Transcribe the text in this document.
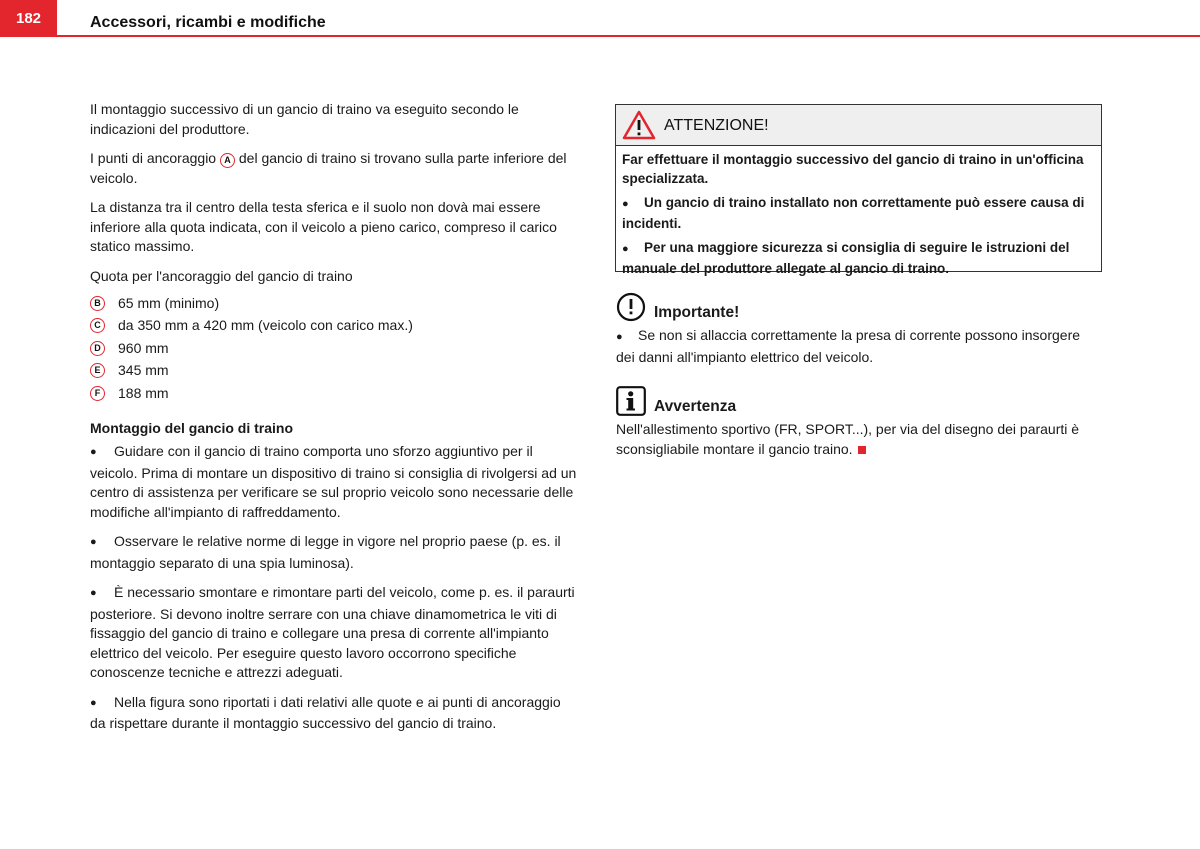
182	Accessori, ricambi e modifiche

Il montaggio successivo di un gancio di traino va eseguito secondo le indicazioni del produttore.

I punti di ancoraggio A del gancio di traino si trovano sulla parte inferiore del veicolo.

La distanza tra il centro della testa sferica e il suolo non dovà mai essere inferiore alla quota indicata, con il veicolo a pieno carico, compreso il carico statico massimo.

Quota per l'ancoraggio del gancio di traino

B	65 mm (minimo)
C	da 350 mm a 420 mm (veicolo con carico max.)
D	960 mm
E	345 mm
F	188 mm
Montaggio del gancio di traino

●Guidare con il gancio di traino comporta uno sforzo aggiuntivo per il veicolo. Prima di montare un dispositivo di traino si consiglia di rivolgersi ad un centro di assistenza per verificare se sul proprio veicolo sono necessarie delle modifiche all'impianto di raffreddamento.

●Osservare le relative norme di legge in vigore nel proprio paese (p. es. il montaggio separato di una spia luminosa).

●È necessario smontare e rimontare parti del veicolo, come p. es. il paraurti posteriore. Si devono inoltre serrare con una chiave dinamometrica le viti di fissaggio del gancio di traino e collegare una presa di corrente all'impianto elettrico del veicolo. Per eseguire questo lavoro occorrono specifiche conoscenze tecniche e attrezzi adeguati.

●Nella figura sono riportati i dati relativi alle quote e ai punti di ancoraggio da rispettare durante il montaggio successivo del gancio di traino.

ATTENZIONE!

Far effettuare il montaggio successivo del gancio di traino in un'officina specializzata.

●Un gancio di traino installato non correttamente può essere causa di incidenti.

●Per una maggiore sicurezza si consiglia di seguire le istruzioni del manuale del produttore allegate al gancio di traino.

Importante!

●Se non si allaccia correttamente la presa di corrente possono insorgere dei danni all'impianto elettrico del veicolo.

Avvertenza

Nell'allestimento sportivo (FR, SPORT...), per via del disegno dei paraurti è sconsigliabile montare il gancio traino.
